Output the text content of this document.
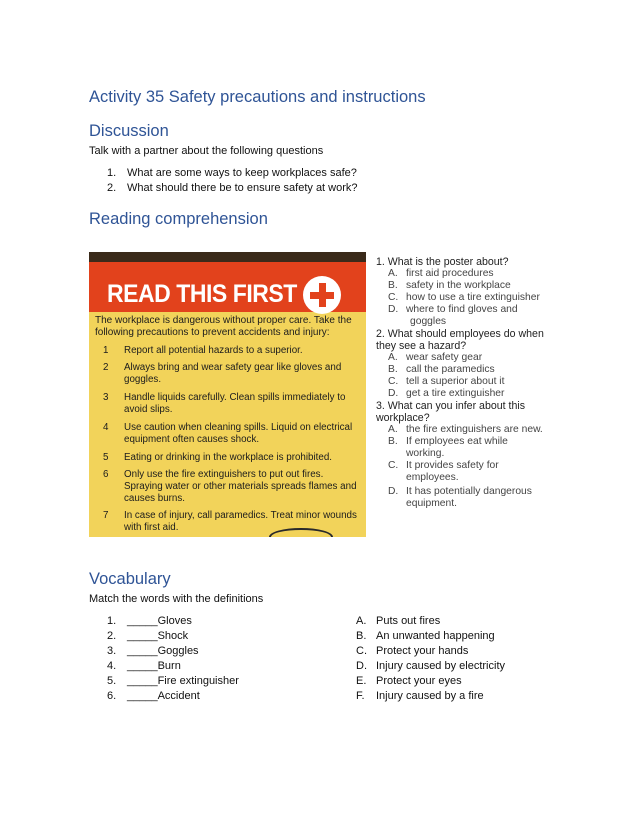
Activity 35 Safety precautions and instructions
Discussion
Talk with a partner about the following questions
1. What are some ways to keep workplaces safe?
2. What should there be to ensure safety at work?
Reading comprehension
READ THIS FIRST
The workplace is dangerous without proper care. Take the following precautions to prevent accidents and injury:
1 Report all potential hazards to a superior.
2 Always bring and wear safety gear like gloves and goggles.
3 Handle liquids carefully. Clean spills immediately to avoid slips.
4 Use caution when cleaning spills. Liquid on electrical equipment often causes shock.
5 Eating or drinking in the workplace is prohibited.
6 Only use the fire extinguishers to put out fires. Spraying water or other materials spreads flames and causes burns.
7 In case of injury, call paramedics. Treat minor wounds with first aid.
1. What is the poster about?
A. first aid procedures
B. safety in the workplace
C. how to use a tire extinguisher
D. where to find gloves and
goggles
2. What should employees do when
they see a hazard?
A. wear safety gear
B. call the paramedics
C. tell a superior about it
D. get a tire extinguisher
3. What can you infer about this
workplace?
A. the fire extinguishers are new.
B. If employees eat while
working.
C. It provides safety for
employees.
D. It has potentially dangerous
equipment.
Vocabulary
Match the words with the definitions
1. _____Gloves
2. _____Shock
3. _____Goggles
4. _____Burn
5. _____Fire extinguisher
6. _____Accident
A. Puts out fires
B. An unwanted happening
C. Protect your hands
D. Injury caused by electricity
E. Protect your eyes
F. Injury caused by a fire
